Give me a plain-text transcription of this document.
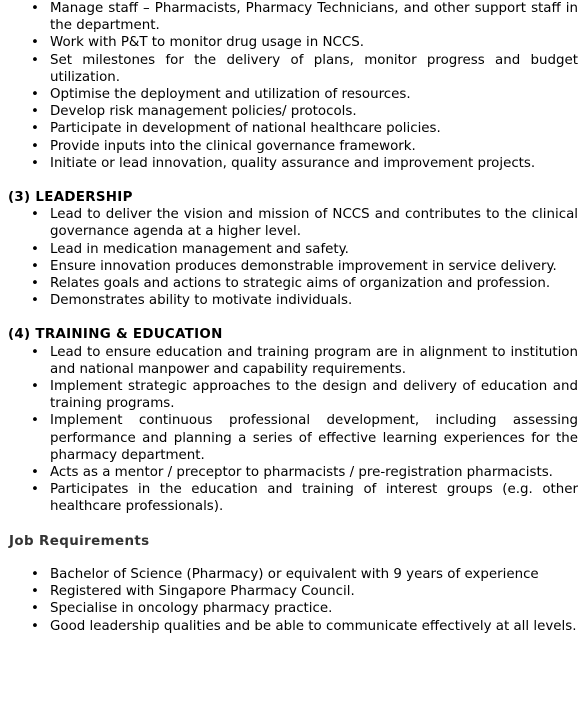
• Manage staff – Pharmacists, Pharmacy Technicians, and other support staff in the department.
• Work with P&T to monitor drug usage in NCCS.
• Set milestones for the delivery of plans, monitor progress and budget utilization.
• Optimise the deployment and utilization of resources.
• Develop risk management policies/ protocols.
• Participate in development of national healthcare policies.
• Provide inputs into the clinical governance framework.
• Initiate or lead innovation, quality assurance and improvement projects.
(3) LEADERSHIP
• Lead to deliver the vision and mission of NCCS and contributes to the clinical governance agenda at a higher level.
• Lead in medication management and safety.
• Ensure innovation produces demonstrable improvement in service delivery.
• Relates goals and actions to strategic aims of organization and profession.
• Demonstrates ability to motivate individuals.
(4) TRAINING & EDUCATION
• Lead to ensure education and training program are in alignment to institution and national manpower and capability requirements.
• Implement strategic approaches to the design and delivery of education and training programs.
• Implement continuous professional development, including assessing performance and planning a series of effective learning experiences for the pharmacy department.
• Acts as a mentor / preceptor to pharmacists / pre-registration pharmacists.
• Participates in the education and training of interest groups (e.g. other healthcare professionals).
Job Requirements
• Bachelor of Science (Pharmacy) or equivalent with 9 years of experience
• Registered with Singapore Pharmacy Council.
• Specialise in oncology pharmacy practice.
• Good leadership qualities and be able to communicate effectively at all levels.
